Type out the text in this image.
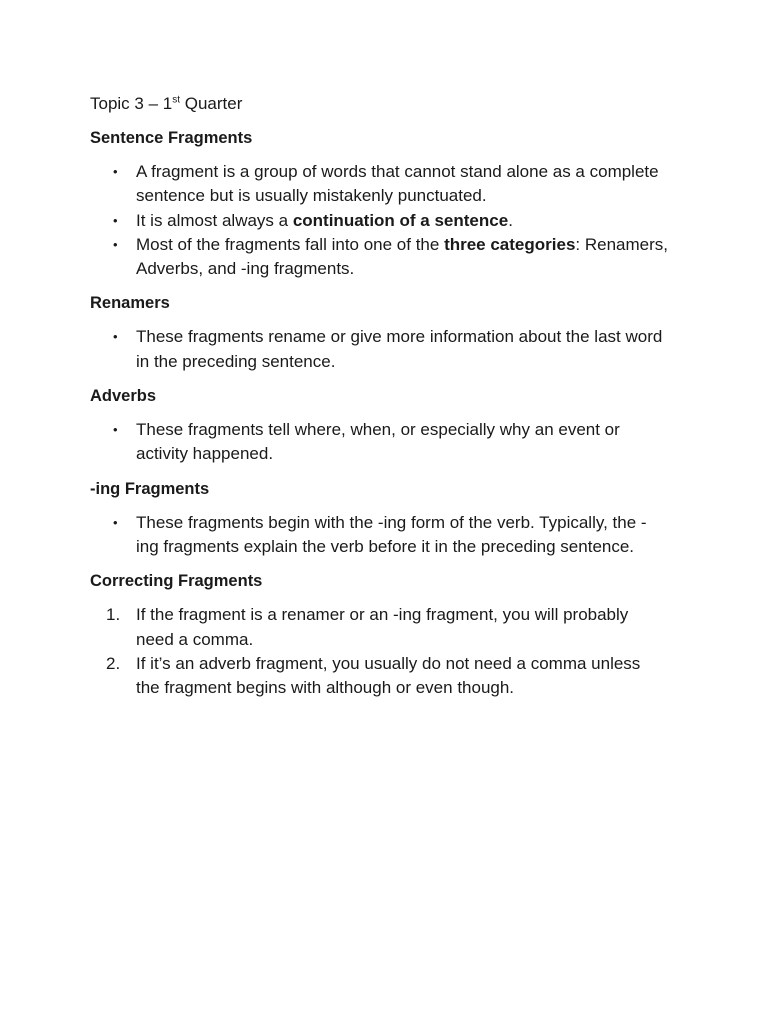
Topic 3 – 1st Quarter
Sentence Fragments
• A fragment is a group of words that cannot stand alone as a complete sentence but is usually mistakenly punctuated.
• It is almost always a continuation of a sentence.
• Most of the fragments fall into one of the three categories: Renamers, Adverbs, and -ing fragments.
Renamers
• These fragments rename or give more information about the last word in the preceding sentence.
Adverbs
• These fragments tell where, when, or especially why an event or activity happened.
-ing Fragments
• These fragments begin with the -ing form of the verb. Typically, the -ing fragments explain the verb before it in the preceding sentence.
Correcting Fragments
1. If the fragment is a renamer or an -ing fragment, you will probably need a comma.
2. If it’s an adverb fragment, you usually do not need a comma unless the fragment begins with although or even though.
